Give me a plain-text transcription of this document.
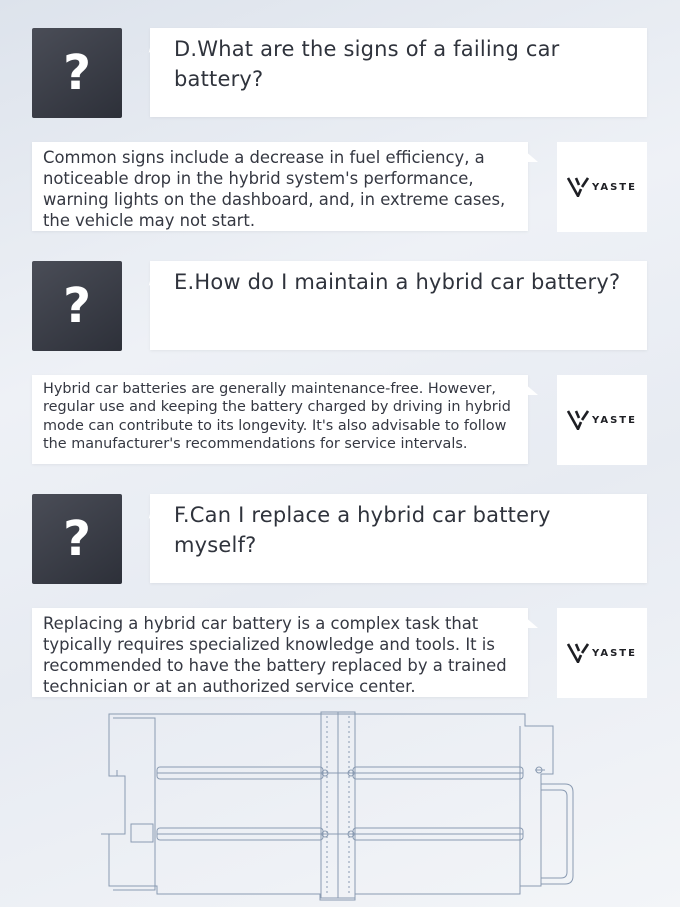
?	D.What are the signs of a failing car battery?
Common signs include a decrease in fuel efficiency, a noticeable drop in the hybrid system's performance, warning lights on the dashboard, and, in extreme cases, the vehicle may not start.
YASTE
?	E.How do I maintain a hybrid car battery?
Hybrid car batteries are generally maintenance-free. However, regular use and keeping the battery charged by driving in hybrid mode can contribute to its longevity. It's also advisable to follow the manufacturer's recommendations for service intervals.
YASTE
?	F.Can I replace a hybrid car battery myself?
Replacing a hybrid car battery is a complex task that typically requires specialized knowledge and tools. It is recommended to have the battery replaced by a trained technician or at an authorized service center.
YASTE
